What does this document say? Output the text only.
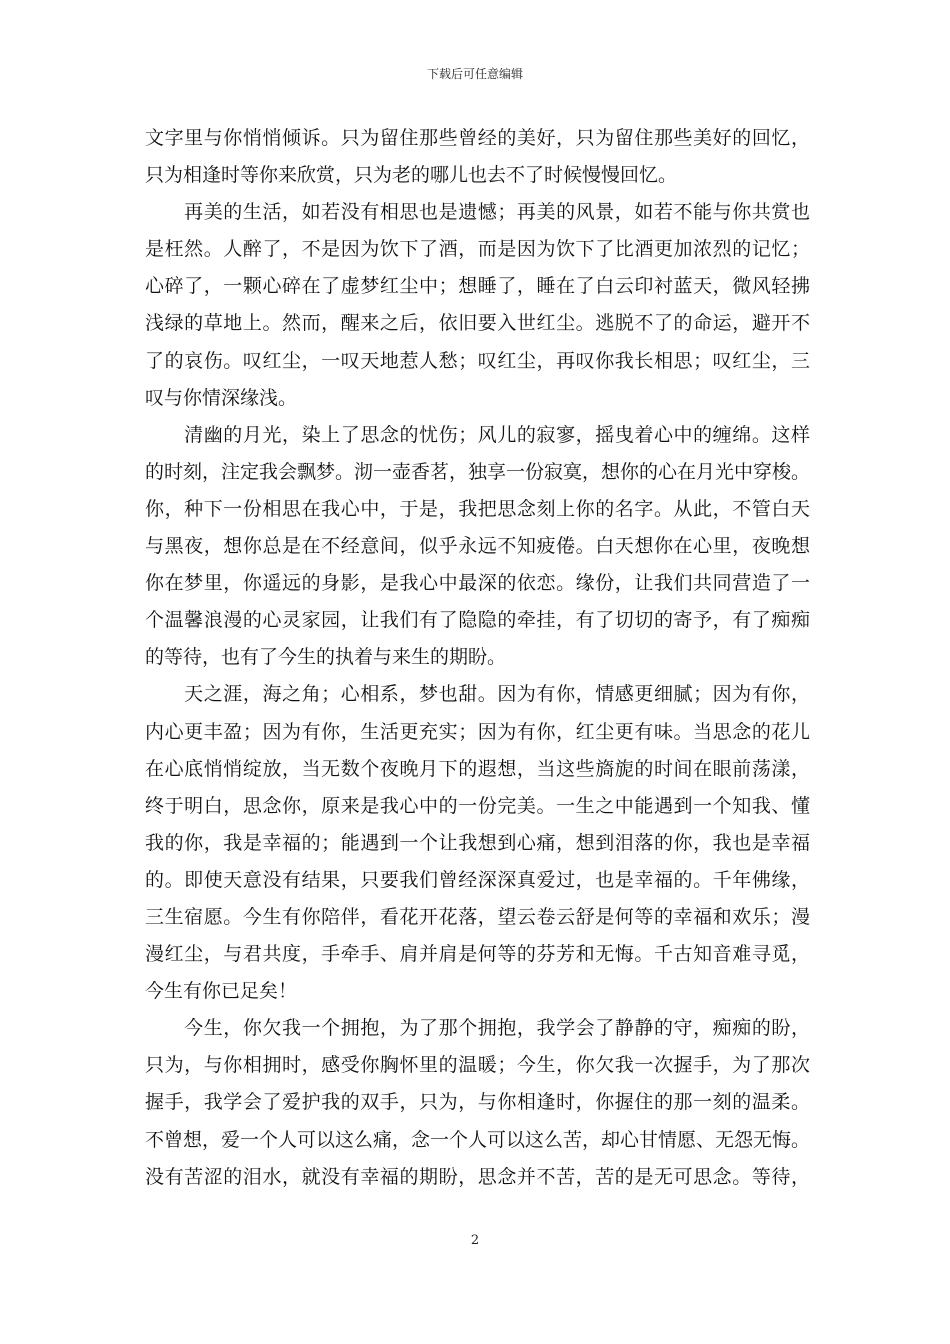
下载后可任意编辑
文字里与你悄悄倾诉。只为留住那些曾经的美好，只为留住那些美好的回忆，
只为相逢时等你来欣赏，只为老的哪儿也去不了时候慢慢回忆。
　　再美的生活，如若没有相思也是遗憾；再美的风景，如若不能与你共赏也
是枉然。人醉了，不是因为饮下了酒，而是因为饮下了比酒更加浓烈的记忆；
心碎了，一颗心碎在了虚梦红尘中；想睡了，睡在了白云印衬蓝天，微风轻拂
浅绿的草地上。然而，醒来之后，依旧要入世红尘。逃脱不了的命运，避开不
了的哀伤。叹红尘，一叹天地惹人愁；叹红尘，再叹你我长相思；叹红尘，三
叹与你情深缘浅。
　　清幽的月光，染上了思念的忧伤；风儿的寂寥，摇曳着心中的缠绵。这样
的时刻，注定我会飘梦。沏一壶香茗，独享一份寂寞，想你的心在月光中穿梭。
你，种下一份相思在我心中，于是，我把思念刻上你的名字。从此，不管白天
与黑夜，想你总是在不经意间，似乎永远不知疲倦。白天想你在心里，夜晚想
你在梦里，你遥远的身影，是我心中最深的依恋。缘份，让我们共同营造了一
个温馨浪漫的心灵家园，让我们有了隐隐的牵挂，有了切切的寄予，有了痴痴
的等待，也有了今生的执着与来生的期盼。
　　天之涯，海之角；心相系，梦也甜。因为有你，情感更细腻；因为有你，
内心更丰盈；因为有你，生活更充实；因为有你，红尘更有味。当思念的花儿
在心底悄悄绽放，当无数个夜晚月下的遐想，当这些旖旎的时间在眼前荡漾，
终于明白，思念你，原来是我心中的一份完美。一生之中能遇到一个知我、懂
我的你，我是幸福的；能遇到一个让我想到心痛，想到泪落的你，我也是幸福
的。即使天意没有结果，只要我们曾经深深真爱过，也是幸福的。千年佛缘，
三生宿愿。今生有你陪伴，看花开花落，望云卷云舒是何等的幸福和欢乐；漫
漫红尘，与君共度，手牵手、肩并肩是何等的芬芳和无悔。千古知音难寻觅，
今生有你已足矣！
　　今生，你欠我一个拥抱，为了那个拥抱，我学会了静静的守，痴痴的盼，
只为，与你相拥时，感受你胸怀里的温暖；今生，你欠我一次握手，为了那次
握手，我学会了爱护我的双手，只为，与你相逢时，你握住的那一刻的温柔。
不曾想，爱一个人可以这么痛，念一个人可以这么苦，却心甘情愿、无怨无悔。
没有苦涩的泪水，就没有幸福的期盼，思念并不苦，苦的是无可思念。等待，
2
